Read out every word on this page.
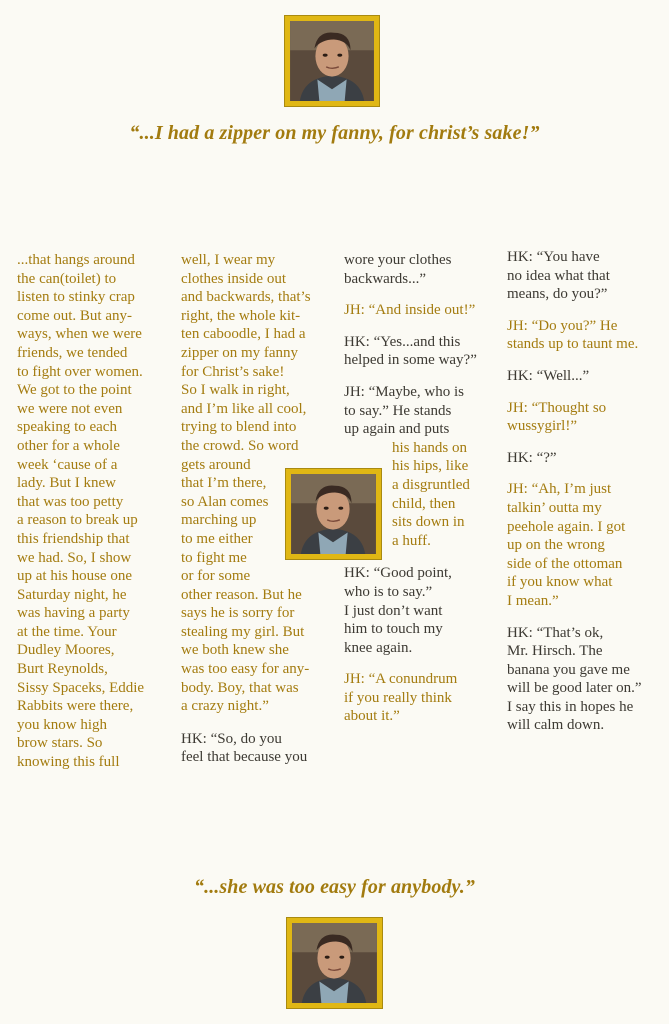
“...I had a zipper on my fanny, for christ’s sake!”
...that hangs around
the can(toilet) to
listen to stinky crap
come out. But any-
ways, when we were
friends, we tended
to fight over women.
We got to the point
we were not even
speaking to each
other for a whole
week ‘cause of a
lady. But I knew
that was too petty
a reason to break up
this friendship that
we had. So, I show
up at his house one
Saturday night, he
was having a party
at the time. Your
Dudley Moores,
Burt Reynolds,
Sissy Spaceks, Eddie
Rabbits were there,
you know high
brow stars. So
knowing this full
well, I wear my
clothes inside out
and backwards, that’s
right, the whole kit-
ten caboodle, I had a
zipper on my fanny
for Christ’s sake!
So I walk in right,
and I’m like all cool,
trying to blend into
the crowd. So word
gets around
that I’m there,
so Alan comes
marching up
to me either
to fight me
or for some
other reason. But he
says he is sorry for
stealing my girl. But
we both knew she
was too easy for any-
body. Boy, that was
a crazy night.”
HK: “So, do you
feel that because you
wore your clothes
backwards...”
JH: “And inside out!”
HK: “Yes...and this
helped in some way?”
JH: “Maybe, who is
to say.” He stands
up again and puts
his hands on
his hips, like
a disgruntled
child, then
sits down in
a huff.
HK: “Good point,
who is to say.”
I just don’t want
him to touch my
knee again.
JH: “A conundrum
if you really think
about it.”
HK: “You have
no idea what that
means, do you?”
JH: “Do you?” He
stands up to taunt me.
HK: “Well...”
JH: “Thought so
wussygirl!”
HK: “?”
JH: “Ah, I’m just
talkin’ outta my
peehole again. I got
up on the wrong
side of the ottoman
if you know what
I mean.”
HK: “That’s ok,
Mr. Hirsch. The
banana you gave me
will be good later on.”
I say this in hopes he
will calm down.
“...she was too easy for anybody.”
